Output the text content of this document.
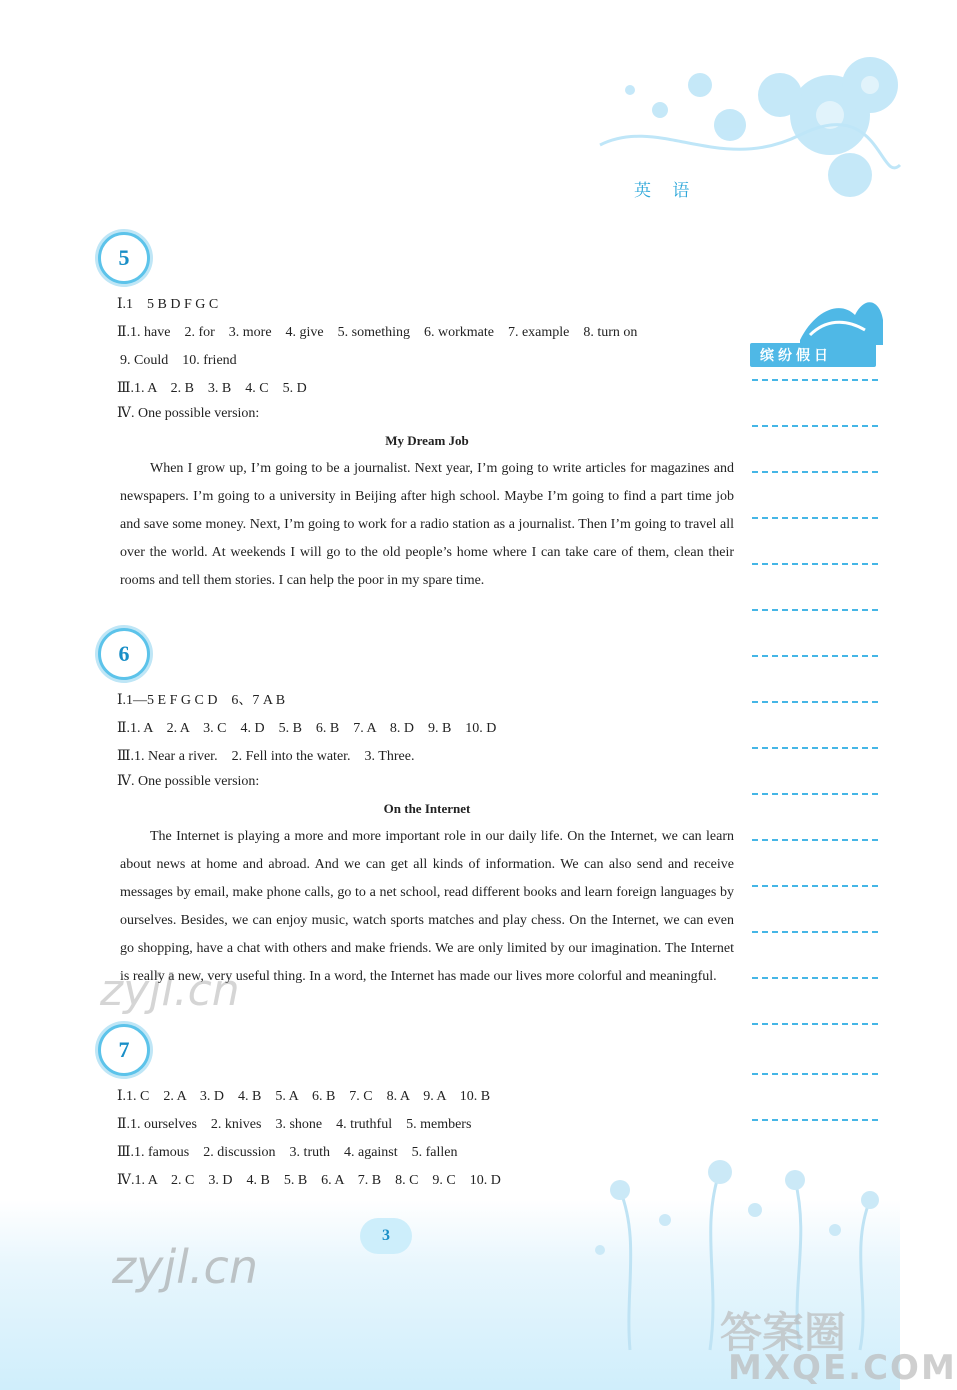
英 语
5
Ⅰ.1　5 B D F G C
Ⅱ.1. have　2. for　3. more　4. give　5. something　6. workmate　7. example　8. turn on
9. Could　10. friend
Ⅲ.1. A　2. B　3. B　4. C　5. D
Ⅳ. One possible version:
My Dream Job

When I grow up, I’m going to be a journalist. Next year, I’m going to write articles for magazines and newspapers. I’m going to a university in Beijing after high school. Maybe I’m going to find a part time job and save some money. Next, I’m going to work for a radio station as a journalist. Then I’m going to travel all over the world. At weekends I will go to the old people’s home where I can take care of them, clean their rooms and tell them stories. I can help the poor in my spare time.

6
Ⅰ.1—5 E F G C D　6、7 A B
Ⅱ.1. A　2. A　3. C　4. D　5. B　6. B　7. A　8. D　9. B　10. D
Ⅲ.1. Near a river.　2. Fell into the water.　3. Three.
Ⅳ. One possible version:
On the Internet

The Internet is playing a more and more important role in our daily life. On the Internet, we can learn about news at home and abroad. And we can get all kinds of information. We can also send and receive messages by email, make phone calls, go to a net school, read different books and learn foreign languages by ourselves. Besides, we can enjoy music, watch sports matches and play chess. On the Internet, we can even go shopping, have a chat with others and make friends. We are only limited by our imagination. The Internet is really a new, very useful thing. In a word, the Internet has made our lives more colorful and meaningful.

7
Ⅰ.1. C　2. A　3. D　4. B　5. A　6. B　7. C　8. A　9. A　10. B
Ⅱ.1. ourselves　2. knives　3. shone　4. truthful　5. members
Ⅲ.1. famous　2. discussion　3. truth　4. against　5. fallen
Ⅳ.1. A　2. C　3. D　4. B　5. B　6. A　7. B　8. C　9. C　10. D
缤纷假日
3
zyjl.cn
zyjl.cn
答案圈
MXQE.COM
